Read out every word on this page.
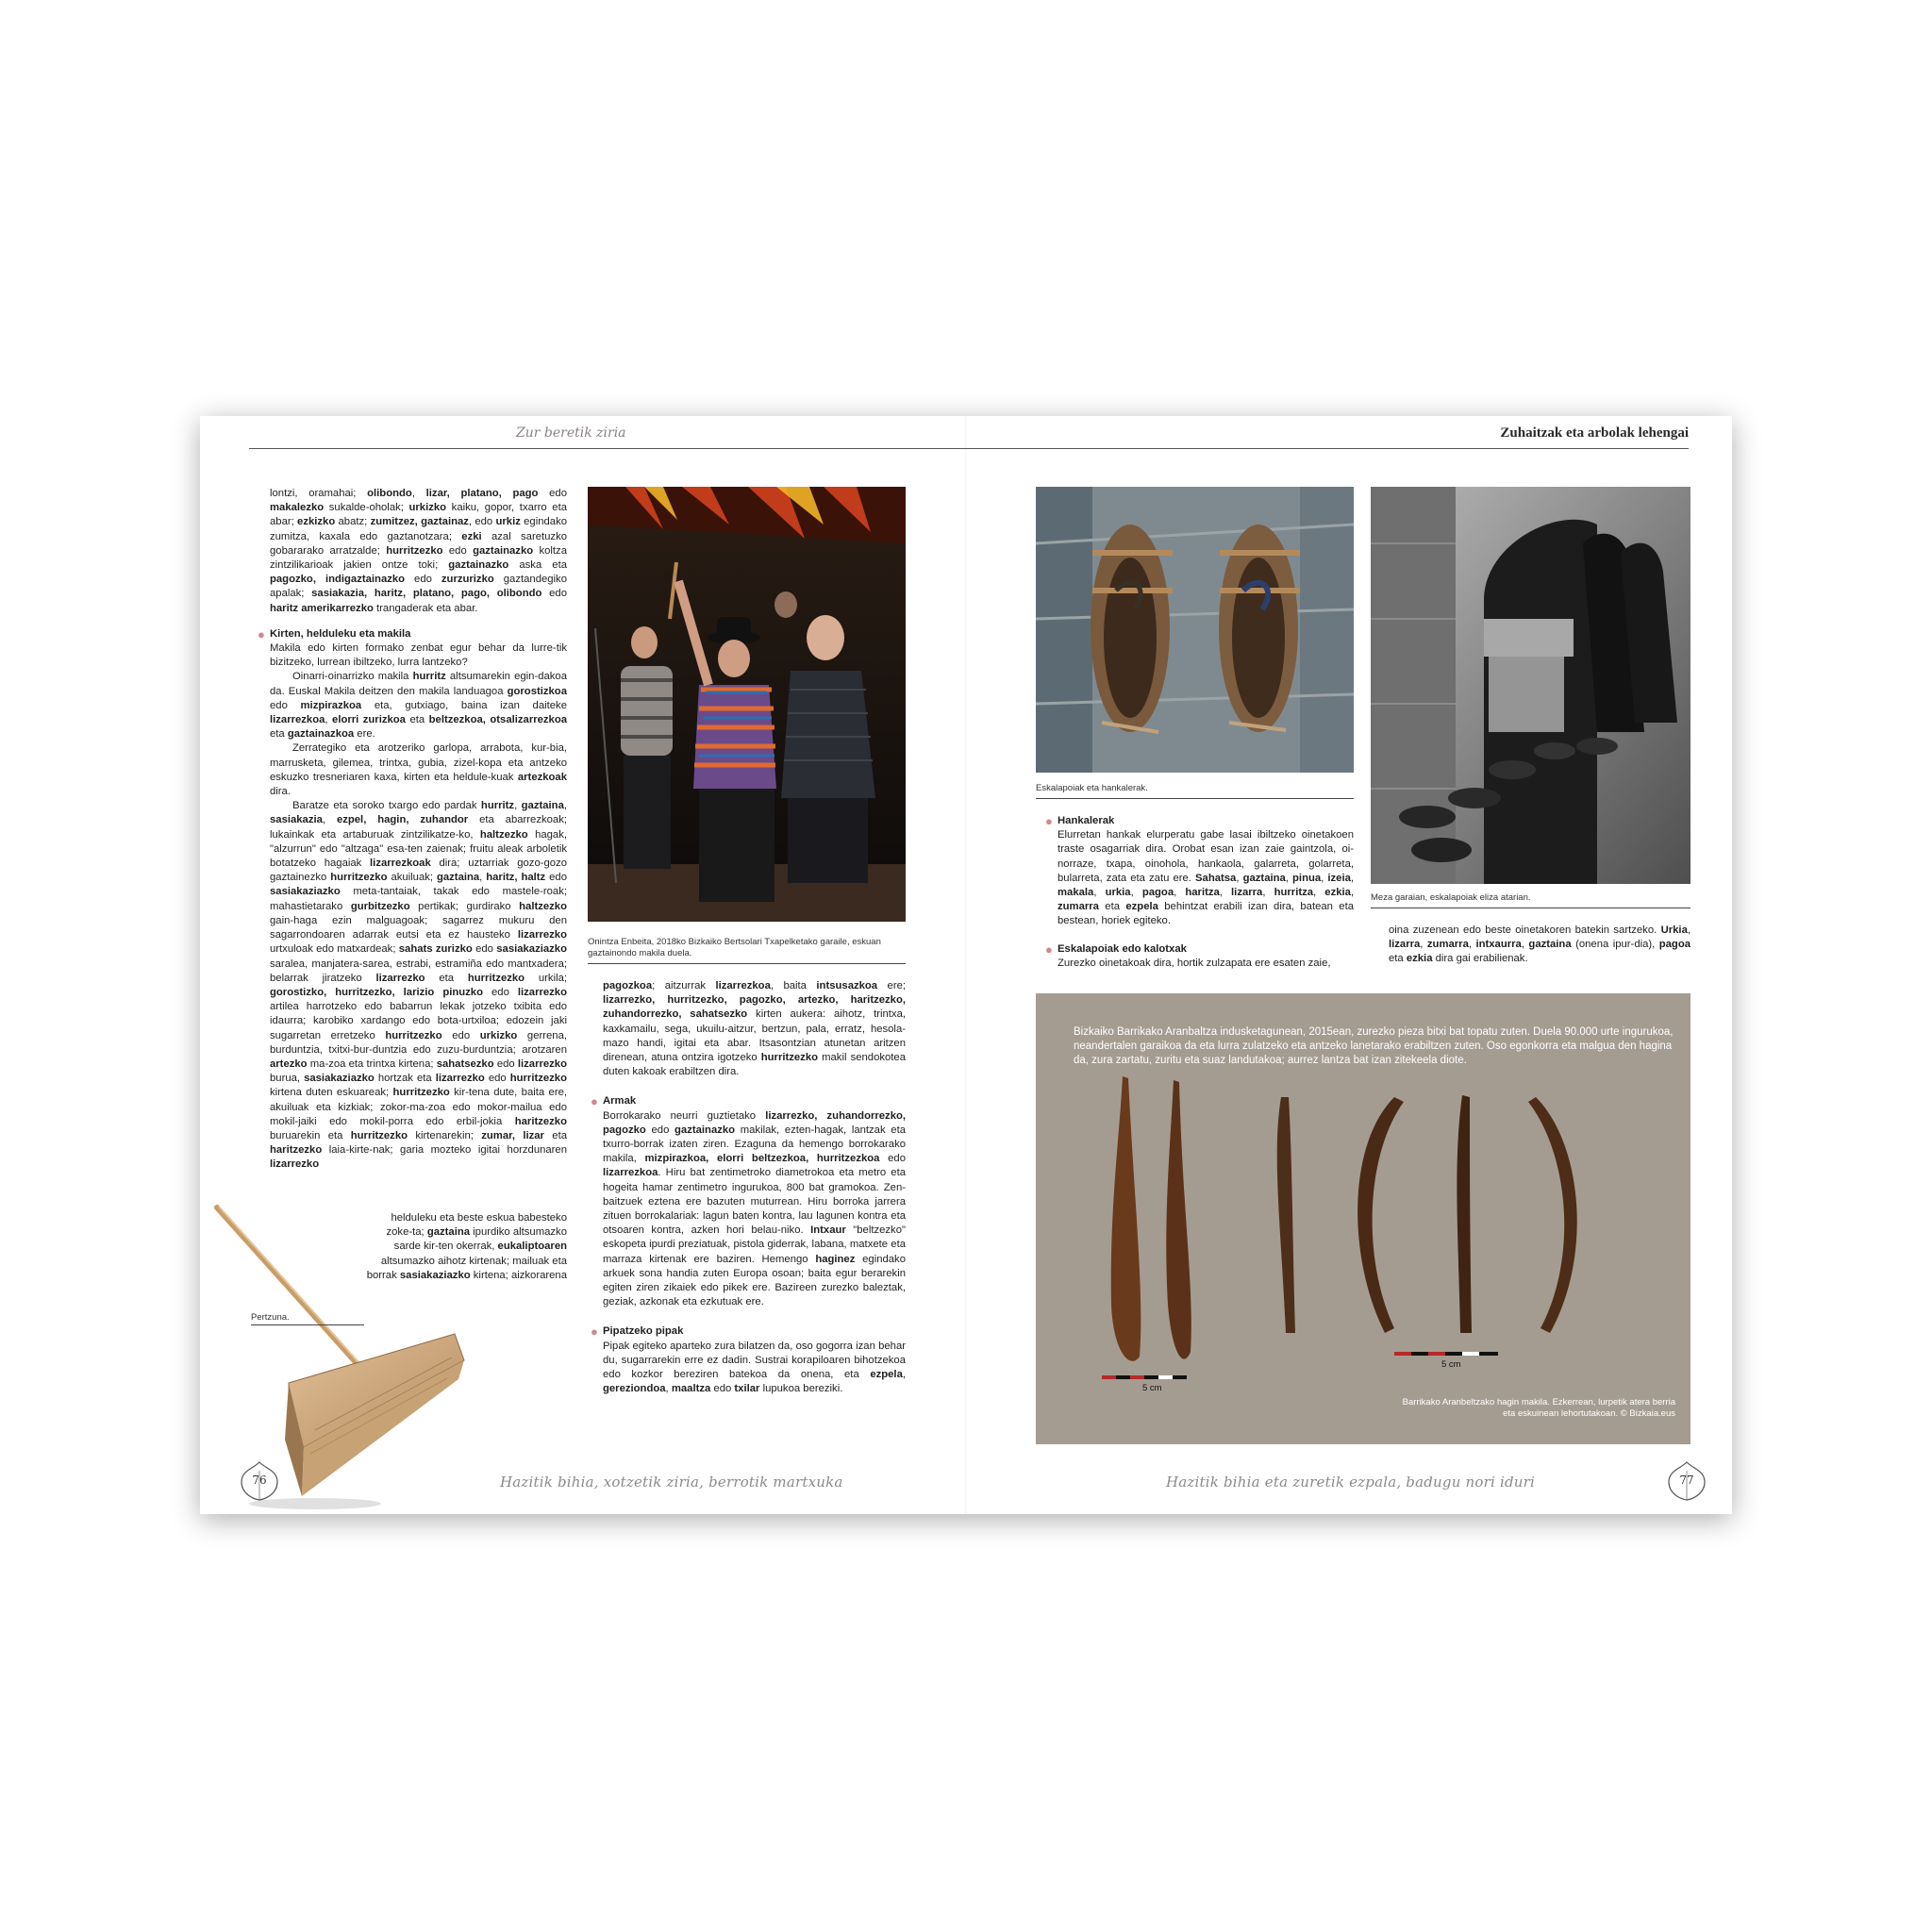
Zur beretik ziria	Zuhaitzak eta arbolak lehengai

lontzi, oramahai; olibondo, lizar, platano, pago edo makalezko sukalde-oholak; urkizko kaiku, gopor, txarro eta abar; ezkizko abatz; zumitzez, gaztainaz, edo urkiz egindako zumitza, kaxala edo gaztanotzara; ezki azal saretuzko gobararako arratzalde; hurritzezko edo gaztainazko koltza zintzilikarioak jakien ontze toki; gaztainazko aska eta pagozko, indigaztainazko edo zurzurizko gaztandegiko apalak; sasiakazia, haritz, platano, pago, olibondo edo haritz amerikarrezko trangaderak eta abar.

● Kirten, helduleku eta makila

Makila edo kirten formako zenbat egur behar da lurre-tik bizitzeko, lurrean ibiltzeko, lurra lantzeko?

Oinarri-oinarrizko makila hurritz altsumarekin egin-dakoa da. Euskal Makila deitzen den makila landuagoa gorostizkoa edo mizpirazkoa eta, gutxiago, baina izan daiteke lizarrezkoa, elorri zurizkoa eta beltzezkoa, otsalizarrezkoa eta gaztainazkoa ere.

Zerrategiko eta arotzeriko garlopa, arrabota, kur-bia, marrusketa, gilemea, trintxa, gubia, zizel-kopa eta antzeko eskuzko tresneriaren kaxa, kirten eta heldule-kuak artezkoak dira.

Baratze eta soroko txargo edo pardak hurritz, gaztaina, sasiakazia, ezpel, hagin, zuhandor eta abarrezkoak; lukainkak eta artaburuak zintzilikatze-ko, haltzezko hagak, "alzurrun" edo "altzaga" esa-ten zaienak; fruitu aleak arboletik botatzeko hagaiak lizarrezkoak dira; uztarriak gozo-gozo gaztainezko hurritzezko akuiluak; gaztaina, haritz, haltz edo sasiakaziazko meta-tantaiak, takak edo mastele-roak; mahastietarako gurbitzezko pertikak; gurdirako haltzezko gain-haga ezin malguagoak; sagarrez mukuru den sagarrondoaren adarrak eutsi eta ez hausteko lizarrezko urtxuloak edo matxardeak; sahats zurizko edo sasiakaziazko saralea, manjatera-sarea, estrabi, estramiña edo mantxadera; belarrak jiratzeko lizarrezko eta hurritzezko urkila; gorostizko, hurritzezko, larizio pinuzko edo lizarrezko artilea harrotzeko edo babarrun lekak jotzeko txibita edo idaurra; karobiko xardango edo bota-urtxiloa; edozein jaki sugarretan erretzeko hurritzezko edo urkizko gerrena, burduntzia, txitxi-bur-duntzia edo zuzu-burduntzia; arotzaren artezko ma-zoa eta trintxa kirtena; sahatsezko edo lizarrezko burua, sasiakaziazko hortzak eta lizarrezko edo hurritzezko kirtena duten eskuareak; hurritzezko kir-tena dute, baita ere, akuiluak eta kizkiak; zokor-ma-zoa edo mokor-mailua edo mokil-jaiki edo mokil-porra edo erbil-jokia haritzezko buruarekin eta hurritzezko kirtenarekin; zumar, lizar eta haritzezko laia-kirte-nak; garia mozteko igitai horzdunaren lizarrezko

helduleku eta beste eskua babesteko zoke-ta; gaztaina ipurdiko altsumazko sarde kir-ten okerrak, eukaliptoaren altsumazko aihotz kirtenak; mailuak eta borrak sasiakaziazko kirtena; aizkorarena

Pertzuna.
Onintza Enbeita, 2018ko Bizkaiko Bertsolari Txapelketako garaile, eskuan gaztainondo makila duela.

pagozkoa; aitzurrak lizarrezkoa, baita intsusazkoa ere; lizarrezko, hurritzezko, pagozko, artezko, haritzezko, zuhandorrezko, sahatsezko kirten aukera: aihotz, trintxa, kaxkamailu, sega, ukuilu-aitzur, bertzun, pala, erratz, hesola-mazo handi, igitai eta abar. Itsasontzian atunetan aritzen direnean, atuna ontzira igotzeko hurritzezko makil sendokotea duten kakoak erabiltzen dira.

● Armak

Borrokarako neurri guztietako lizarrezko, zuhandorrezko, pagozko edo gaztainazko makilak, ezten-hagak, lantzak eta txurro-borrak izaten ziren. Ezaguna da hemengo borrokarako makila, mizpirazkoa, elorri beltzezkoa, hurritzezkoa edo lizarrezkoa. Hiru bat zentimetroko diametrokoa eta metro eta hogeita hamar zentimetro ingurukoa, 800 bat gramokoa. Zen-baitzuek eztena ere bazuten muturrean. Hiru borroka jarrera zituen borrokalariak: lagun baten kontra, lau lagunen kontra eta otsoaren kontra, azken hori belau-niko. Intxaur "beltzezko" eskopeta ipurdi preziatuak, pistola giderrak, labana, matxete eta marraza kirtenak ere baziren. Hemengo haginez egindako arkuek sona handia zuten Europa osoan; baita egur berarekin egiten ziren zikaiek edo pikek ere. Bazireen zurezko baleztak, geziak, azkonak eta ezkutuak ere.

● Pipatzeko pipak

Pipak egiteko aparteko zura bilatzen da, oso gogorra izan behar du, sugarrarekin erre ez dadin. Sustrai korapiloaren bihotzekoa edo kozkor bereziren batekoa da onena, eta ezpela, gereziondoa, maaltza edo txilar lupukoa bereziki.

76	Hazitik bihia, xotzetik ziria, berrotik martxuka
Eskalapoiak eta hankalerak.
Meza garaian, eskalapoiak eliza atarian.
● Hankalerak

Elurretan hankak elurperatu gabe lasai ibiltzeko oinetakoen traste osagarriak dira. Orobat esan izan zaie gaintzola, oi-norraze, txapa, oinohola, hankaola, galarreta, golarreta, bularreta, zata eta zatu ere. Sahatsa, gaztaina, pinua, izeia, makala, urkia, pagoa, haritza, lizarra, hurritza, ezkia, zumarra eta ezpela behintzat erabili izan dira, batean eta bestean, horiek egiteko.

● Eskalapoiak edo kalotxak

Zurezko oinetakoak dira, hortik zulzapata ere esaten zaie,

oina zuzenean edo beste oinetakoren batekin sartzeko. Urkia, lizarra, zumarra, intxaurra, gaztaina (onena ipur-dia), pagoa eta ezkia dira gai erabilienak.

Bizkaiko Barrikako Aranbaltza indusketagunean, 2015ean, zurezko pieza bitxi bat topatu zuten. Duela 90.000 urte ingurukoa, neandertalen garaikoa da eta lurra zulatzeko eta antzeko lanetarako erabiltzen zuten. Oso egonkorra eta malgua den hagina da, zura zartatu, zuritu eta suaz landutakoa; aurrez lantza bat izan zitekeela diote.
5 cm
5 cm
Barrikako Aranbeltzako hagin makila. Ezkerrean, lurpetik atera berria eta eskuinean lehortutakoan. © Bizkaia.eus
Hazitik bihia eta zuretik ezpala, badugu nori iduri	77
